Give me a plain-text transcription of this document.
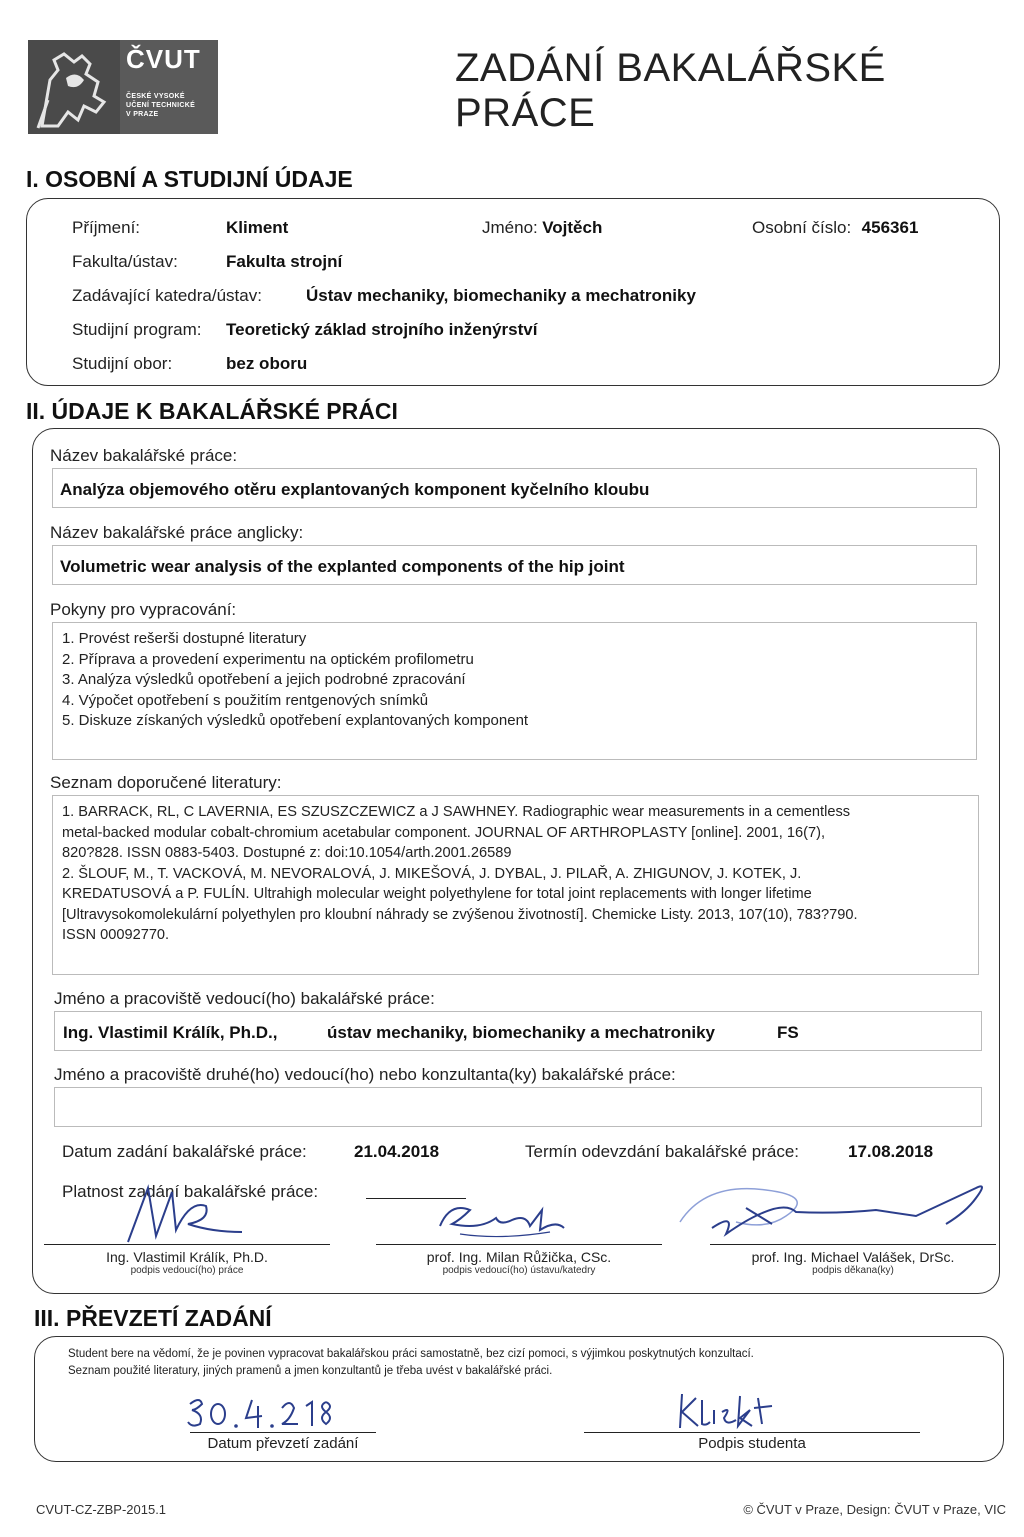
ČVUT
ČESKÉ VYSOKÉ
UČENÍ TECHNICKÉ
V PRAZE
ZADÁNÍ BAKALÁŘSKÉ PRÁCE
I. OSOBNÍ A STUDIJNÍ ÚDAJE
Příjmení:	Kliment	Jméno: Vojtěch	Osobní číslo: 456361
Fakulta/ústav:	Fakulta strojní
Zadávající katedra/ústav:	Ústav mechaniky, biomechaniky a mechatroniky
Studijní program: Teoretický základ strojního inženýrství
Studijní obor:	bez oboru
II. ÚDAJE K BAKALÁŘSKÉ PRÁCI
Název bakalářské práce:
Analýza objemového otěru explantovaných komponent kyčelního kloubu
Název bakalářské práce anglicky:
Volumetric wear analysis of the explanted components of the hip joint
Pokyny pro vypracování:
1. Provést rešerši dostupné literatury
2. Příprava a provedení experimentu na optickém profilometru
3. Analýza výsledků opotřebení a jejich podrobné zpracování
4. Výpočet opotřebení s použitím rentgenových snímků
5. Diskuze získaných výsledků opotřebení explantovaných komponent
Seznam doporučené literatury:
1. BARRACK, RL, C LAVERNIA, ES SZUSZCZEWICZ a J SAWHNEY. Radiographic wear measurements in a cementless
metal-backed modular cobalt-chromium acetabular component. JOURNAL OF ARTHROPLASTY [online]. 2001, 16(7),
820?828. ISSN 0883-5403. Dostupné z: doi:10.1054/arth.2001.26589
2. ŠLOUF, M., T. VACKOVÁ, M. NEVORALOVÁ, J. MIKEŠOVÁ, J. DYBAL, J. PILAŘ, A. ZHIGUNOV, J. KOTEK, J.
KREDATUSOVÁ a P. FULÍN. Ultrahigh molecular weight polyethylene for total joint replacements with longer lifetime
[Ultravysokomolekulární polyethylen pro kloubní náhrady se zvýšenou životností]. Chemicke Listy. 2013, 107(10), 783?790.
ISSN 00092770.
Jméno a pracoviště vedoucí(ho) bakalářské práce:
Ing. Vlastimil Králík, Ph.D.,	ústav mechaniky, biomechaniky a mechatroniky	FS
Jméno a pracoviště druhé(ho) vedoucí(ho) nebo konzultanta(ky) bakalářské práce:
Datum zadání bakalářské práce:	21.04.2018	Termín odevzdání bakalářské práce:	17.08.2018
Platnost zadání bakalářské práce:
Ing. Vlastimil Králík, Ph.D.
podpis vedoucí(ho) práce
prof. Ing. Milan Růžička, CSc.
podpis vedoucí(ho) ústavu/katedry
prof. Ing. Michael Valášek, DrSc.
podpis děkana(ky)
III. PŘEVZETÍ ZADÁNÍ
Student bere na vědomí, že je povinen vypracovat bakalářskou práci samostatně, bez cizí pomoci, s výjimkou poskytnutých konzultací.
Seznam použité literatury, jiných pramenů a jmen konzultantů je třeba uvést v bakalářské práci.
Datum převzetí zadání	Podpis studenta
CVUT-CZ-ZBP-2015.1	© ČVUT v Praze, Design: ČVUT v Praze, VIC
